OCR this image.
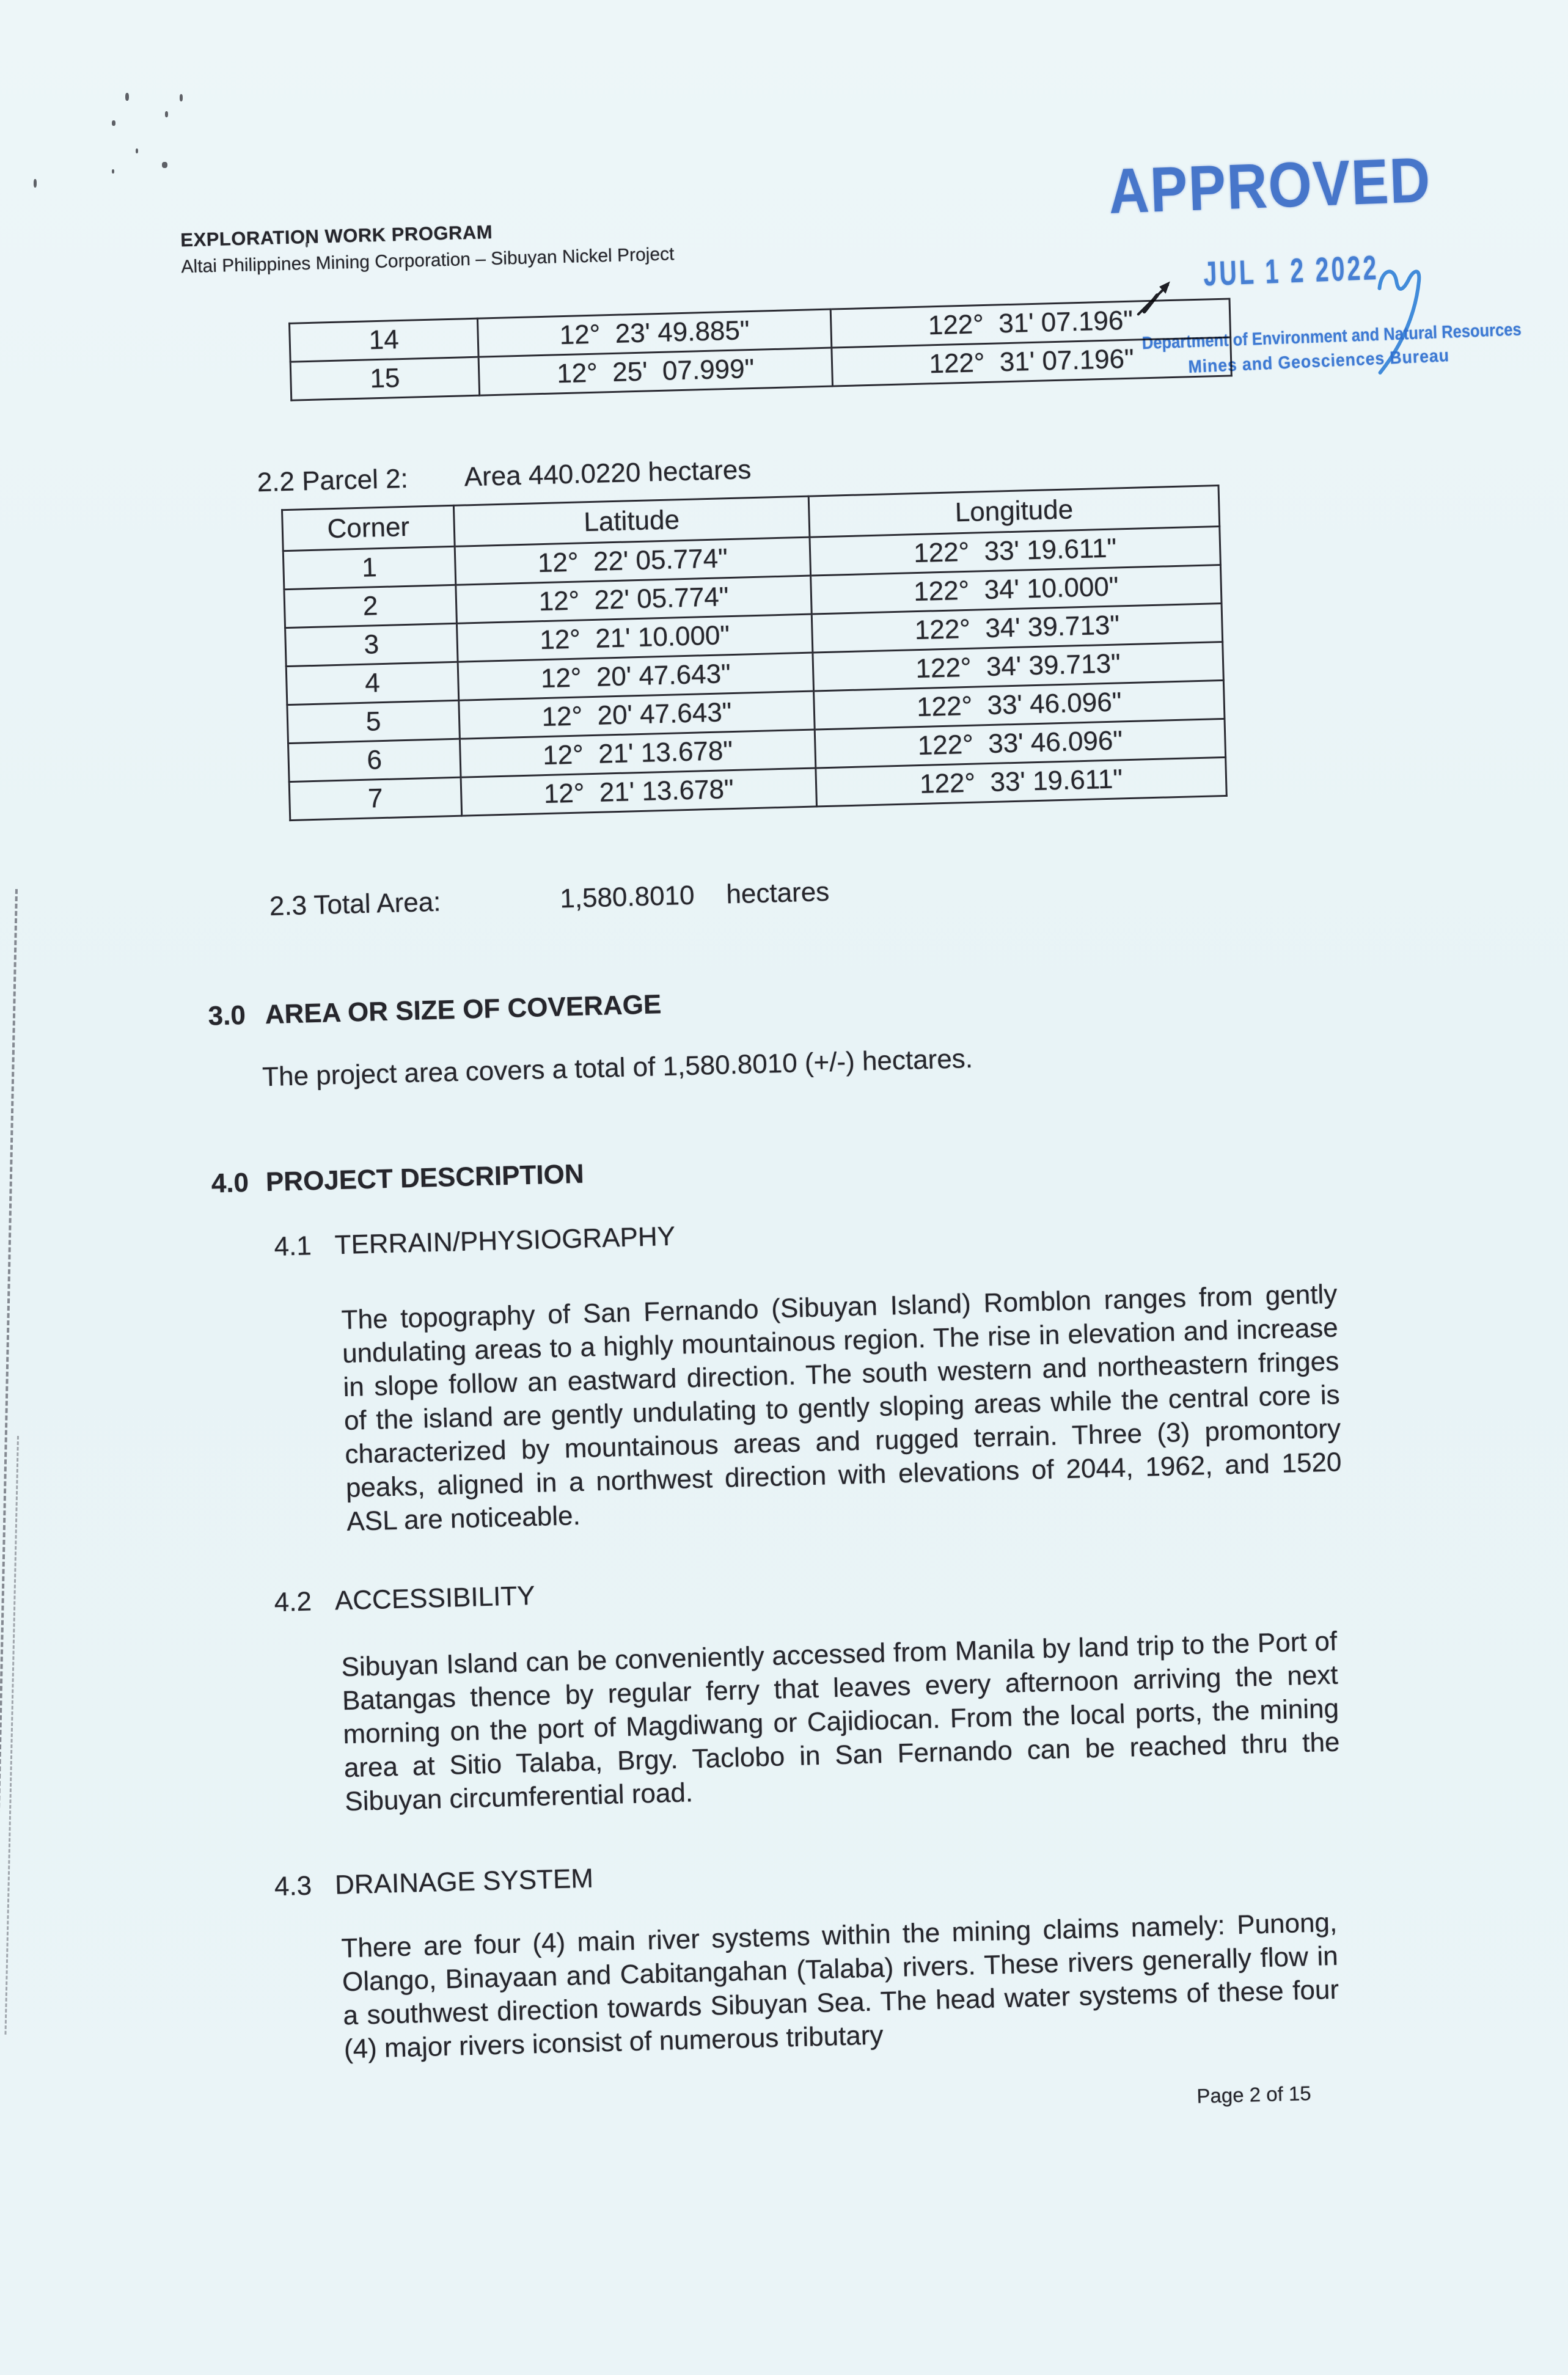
EXPLORATION WORK PROGRAM
Altai Philippines Mining Corporation – Sibuyan Nickel Project
14	12°  23' 49.885"	122°  31' 07.196"
15	12°  25'  07.999"	122°  31' 07.196"
2.2 Parcel 2: Area 440.0220 hectares
Corner	Latitude	Longitude
1	12°  22' 05.774"	122°  33' 19.611"
2	12°  22' 05.774"	122°  34' 10.000"
3	12°  21' 10.000"	122°  34' 39.713"
4	12°  20' 47.643"	122°  34' 39.713"
5	12°  20' 47.643"	122°  33' 46.096"
6	12°  21' 13.678"	122°  33' 46.096"
7	12°  21' 13.678"	122°  33' 19.611"
2.3 Total Area:	1,580.8010 hectares
3.0 AREA OR SIZE OF COVERAGE
The project area covers a total of 1,580.8010 (+/-) hectares.
4.0 PROJECT DESCRIPTION
4.1 TERRAIN/PHYSIOGRAPHY
The topography of San Fernando (Sibuyan Island) Romblon ranges from gently undulating areas to a highly mountainous region. The rise in elevation and increase in slope follow an eastward direction. The south western and northeastern fringes of the island are gently undulating to gently sloping areas while the central core is characterized by mountainous areas and rugged terrain. Three (3) promontory peaks, aligned in a northwest direction with elevations of 2044, 1962, and 1520 ASL are noticeable.
4.2 ACCESSIBILITY
Sibuyan Island can be conveniently accessed from Manila by land trip to the Port of Batangas thence by regular ferry that leaves every afternoon arriving the next morning on the port of Magdiwang or Cajidiocan. From the local ports, the mining area at Sitio Talaba, Brgy. Taclobo in San Fernando can be reached thru the Sibuyan circumferential road.
4.3 DRAINAGE SYSTEM
There are four (4) main river systems within the mining claims namely: Punong, Olango, Binayaan and Cabitangahan (Talaba) rivers. These rivers generally flow in a southwest direction towards Sibuyan Sea. The head water systems of these four (4) major rivers iconsist of numerous tributary
Page 2 of 15
APPROVED
JUL 1 2 2022
Department of Environment and Natural Resources
Mines and Geosciences Bureau
